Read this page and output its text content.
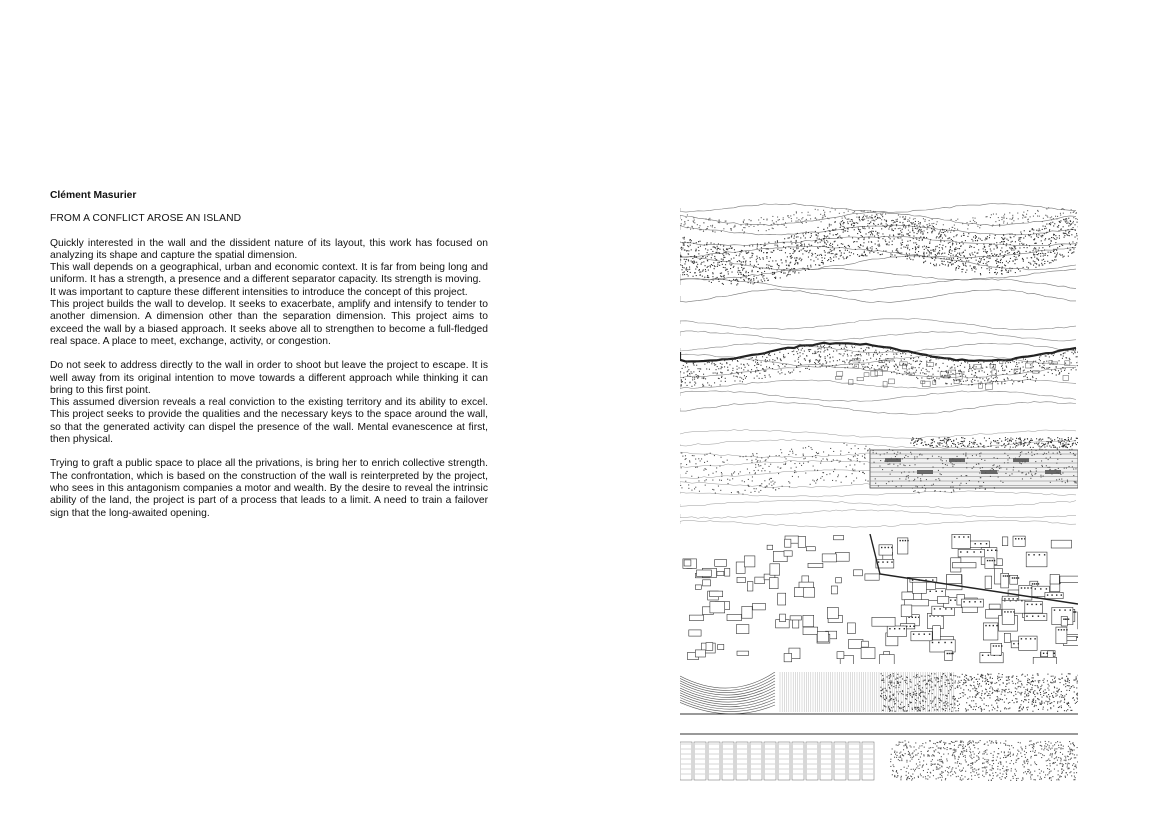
Clément Masurier

FROM A CONFLICT AROSE AN ISLAND

Quickly interested in the wall and the dissident nature of its layout, this work has focused on analyzing its shape and capture the spatial dimension.
This wall depends on a geographical, urban and economic context. It is far from being long and uniform. It has a strength, a presence and a different separator capacity. Its strength is moving.
It was important to capture these different intensities to introduce the concept of this project.
This project builds the wall to develop. It seeks to exacerbate, amplify and intensify to tender to another dimension. A dimension other than the separation dimension. This project aims to exceed the wall by a biased approach. It seeks above all to strengthen to become a full-fledged real space. A place to meet, exchange, activity, or congestion.
Do not seek to address directly to the wall in order to shoot but leave the project to escape. It is well away from its original intention to move towards a different approach while thinking it can bring to this first point.
This assumed diversion reveals a real conviction to the existing territory and its ability to excel. This project seeks to provide the qualities and the necessary keys to the space around the wall, so that the generated activity can dispel the presence of the wall. Mental evanescence at first, then physical.
Trying to graft a public space to place all the privations, is bring her to enrich collective strength. The confrontation, which is based on the construction of the wall is reinterpreted by the project, who sees in this antagonism companies a motor and wealth. By the desire to reveal the intrinsic ability of the land, the project is part of a process that leads to a limit. A need to train a failover sign that the long-awaited opening.
